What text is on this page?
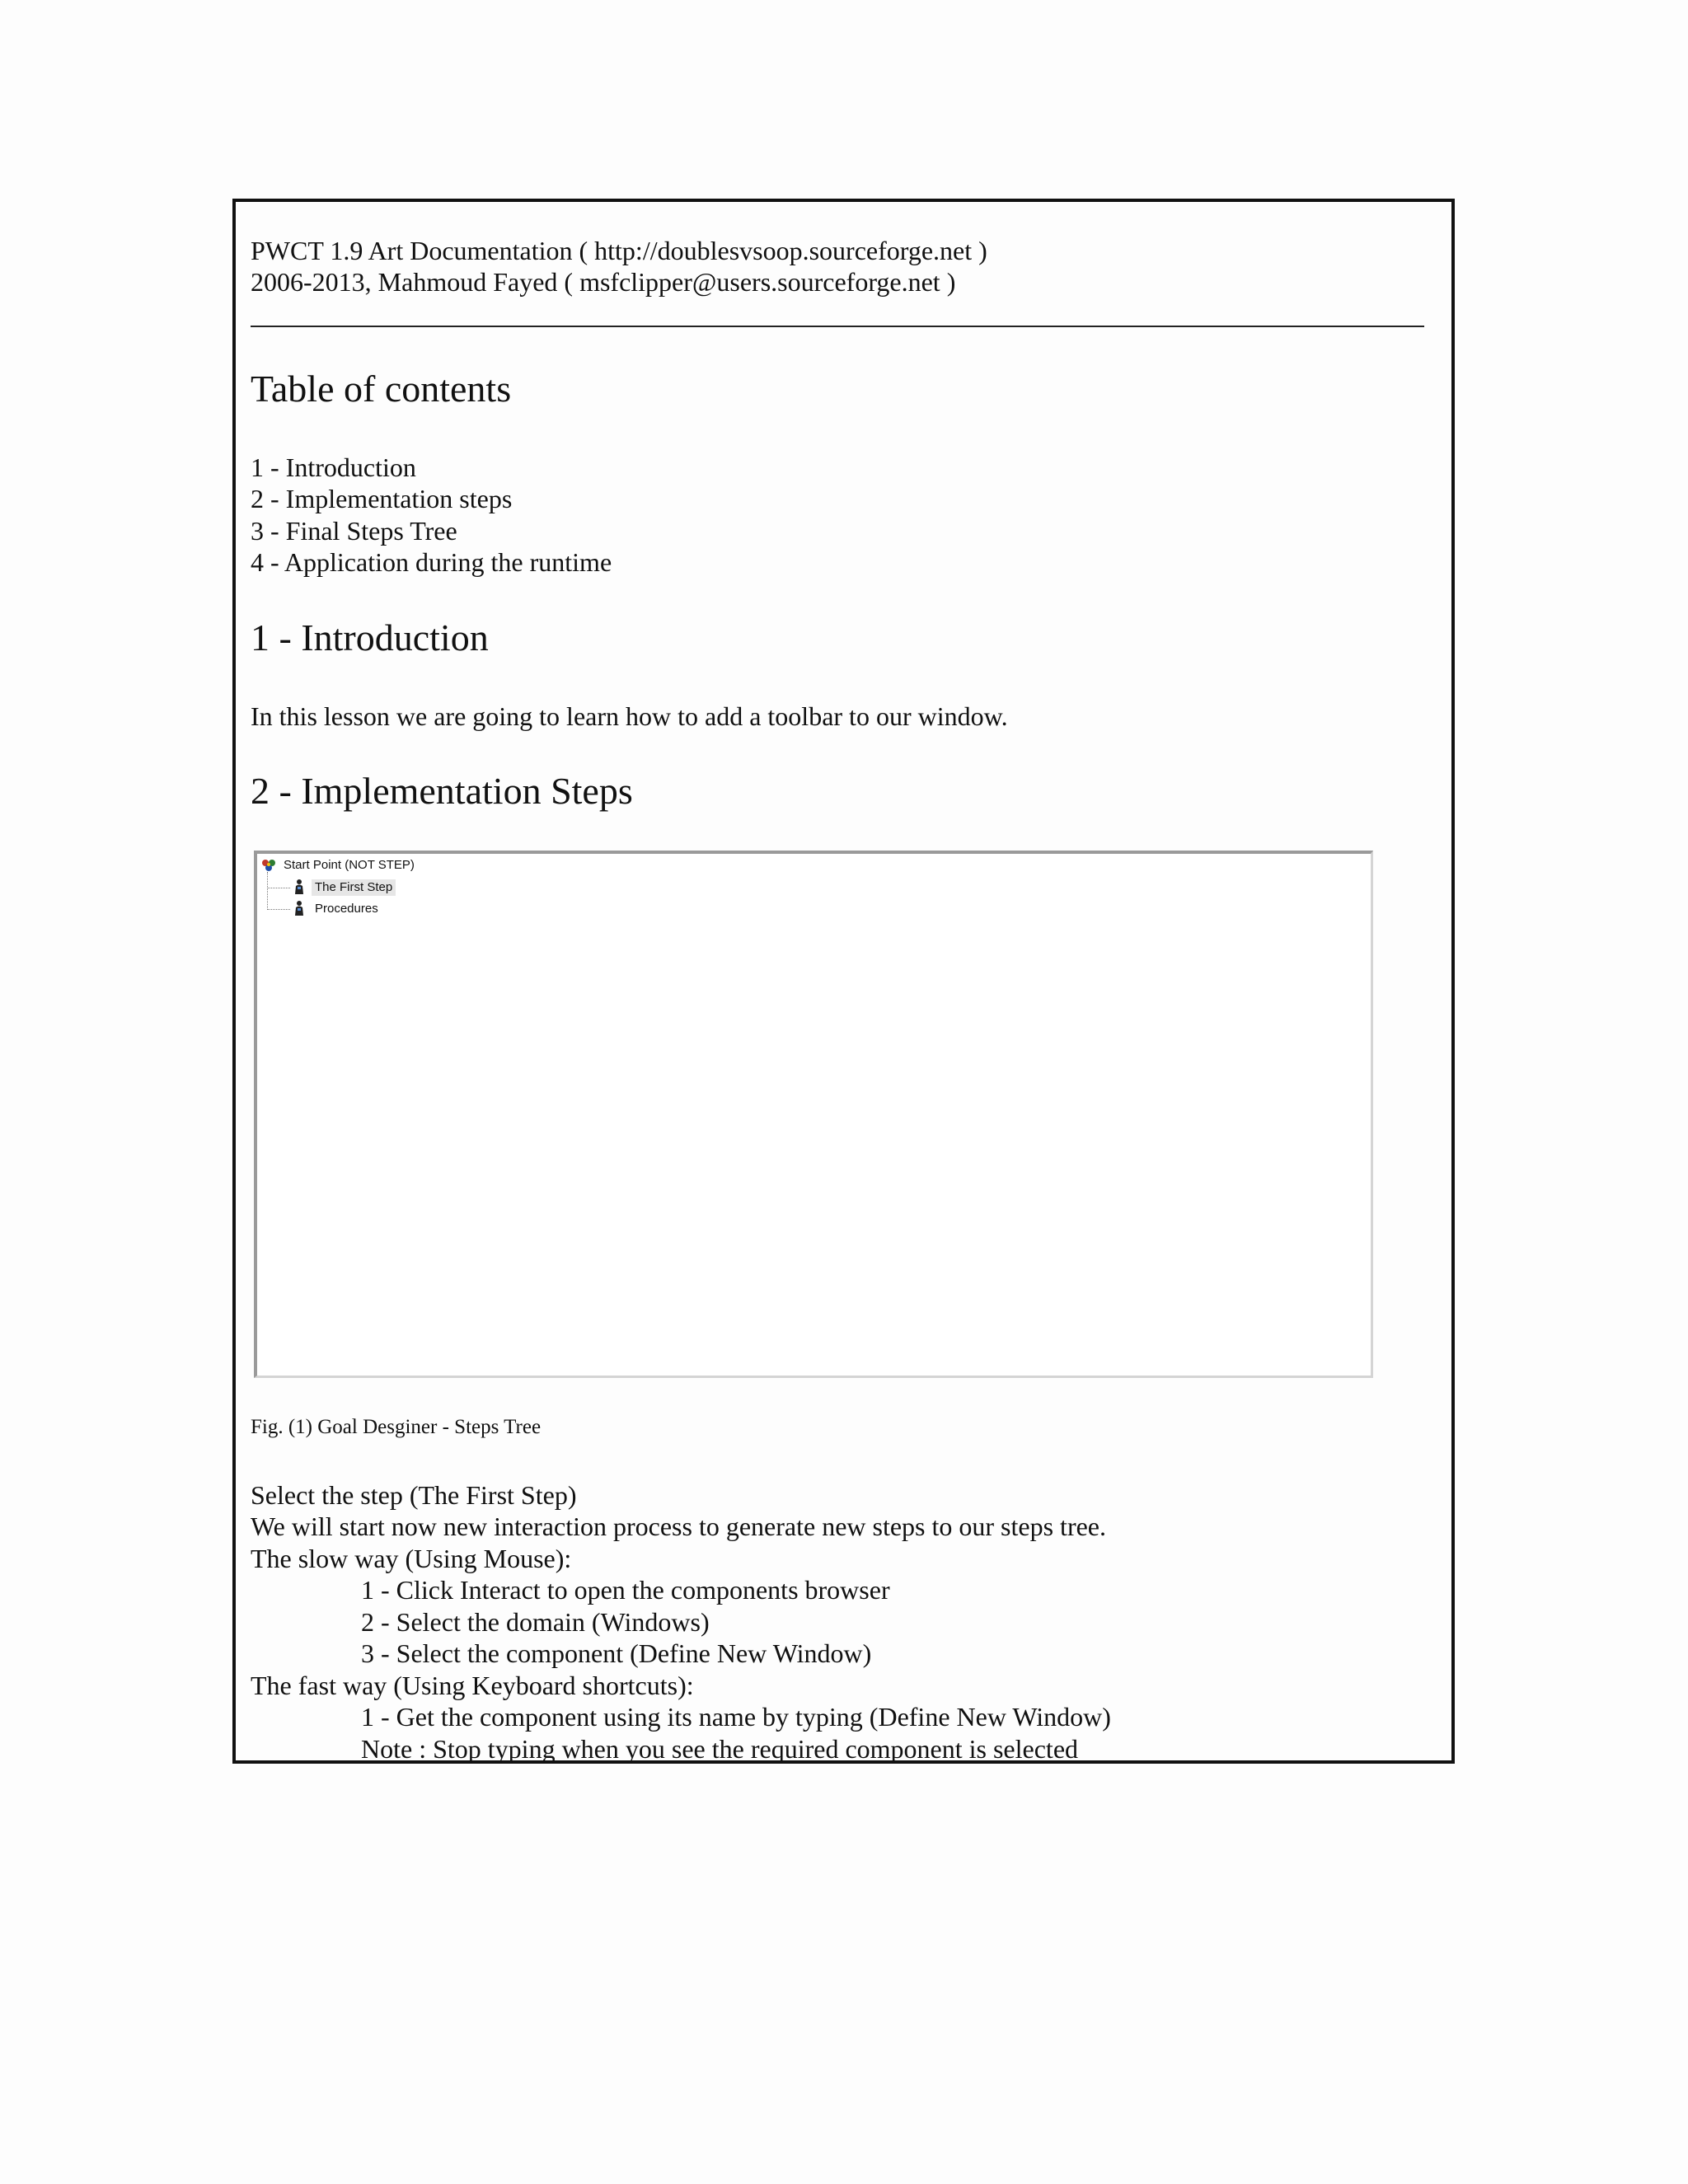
PWCT 1.9 Art Documentation ( http://doublesvsoop.sourceforge.net )
2006-2013, Mahmoud Fayed ( msfclipper@users.sourceforge.net )
Table of contents
1 - Introduction
2 - Implementation steps
3 - Final Steps Tree
4 - Application during the runtime
1 - Introduction
In this lesson we are going to learn how to add a toolbar to our window.
2 - Implementation Steps
Start Point (NOT STEP)
The First Step
Procedures
Fig. (1) Goal Desginer - Steps Tree
Select the step (The First Step)
We will start now new interaction process to generate new steps to our steps tree.
The slow way (Using Mouse):
1 - Click Interact to open the components browser
2 - Select the domain (Windows)
3 - Select the component (Define New Window)
The fast way (Using Keyboard shortcuts):
1 - Get the component using its name by typing (Define New Window)
Note : Stop typing when you see the required component is selected
